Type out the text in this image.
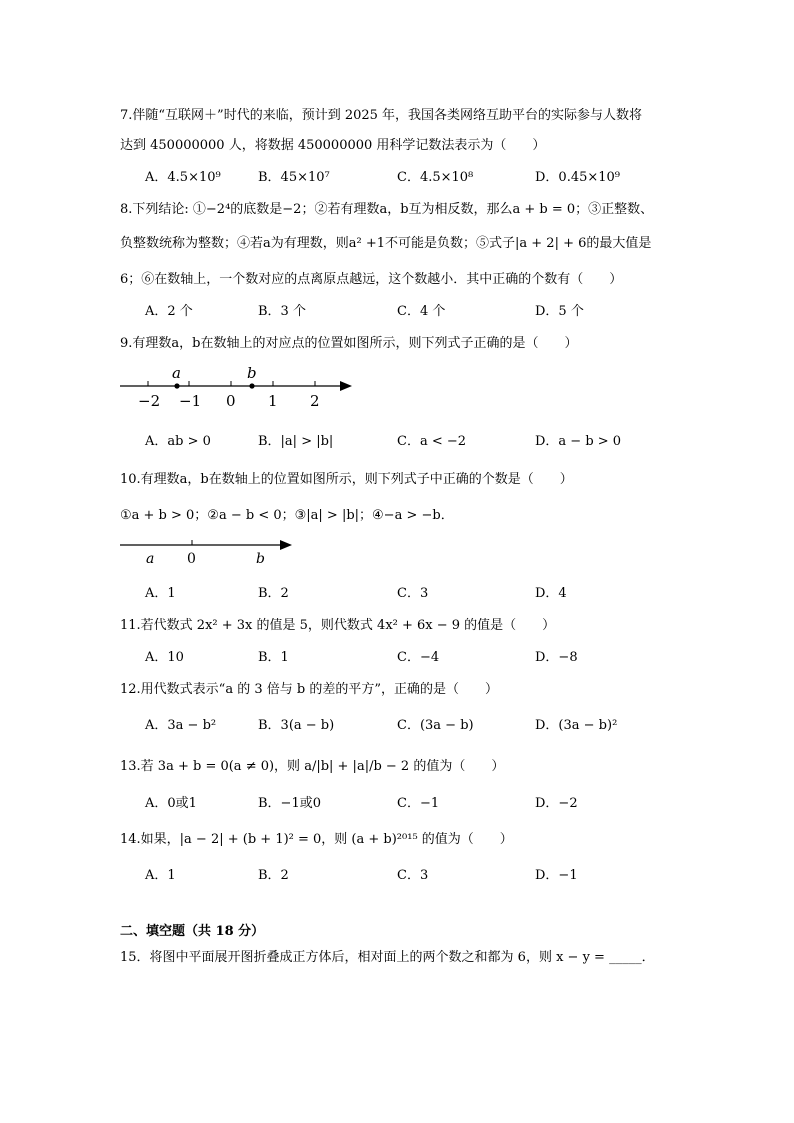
7.伴随“互联网＋”时代的来临，预计到 2025 年，我国各类网络互助平台的实际参与人数将
达到 450000000 人，将数据 450000000 用科学记数法表示为（　　）
A．4.5×10⁹	B．45×10⁷	C．4.5×10⁸	D．0.45×10⁹
8.下列结论: ①−2⁴的底数是−2；②若有理数a，b互为相反数，那么a + b = 0；③正整数、
负整数统称为整数；④若a为有理数，则a² +1不可能是负数；⑤式子|a + 2| + 6的最大值是
6；⑥在数轴上，一个数对应的点离原点越远，这个数越小．其中正确的个数有（　　）
A．2 个	B．3 个	C．4 个	D．5 个
9.有理数a，b在数轴上的对应点的位置如图所示，则下列式子正确的是（　　）
−2 −1 0 1 2
a	b
A．ab > 0	B．|a| > |b|	C．a < −2	D．a − b > 0
10.有理数a，b在数轴上的位置如图所示，则下列式子中正确的个数是（　　）
①a + b > 0；②a − b < 0；③|a| > |b|；④−a > −b．
a 0	b
A．1	B．2	C．3	D．4
11.若代数式 2x² + 3x 的值是 5，则代数式 4x² + 6x − 9 的值是（　　）
A．10	B．1	C．−4	D．−8
12.用代数式表示“a 的 3 倍与 b 的差的平方”，正确的是（　　）
A．3a − b²	B．3(a − b)	C．(3a − b)	D．(3a − b)²
13.若 3a + b = 0(a ≠ 0)，则 a/|b| + |a|/b − 2 的值为（　　）
A．0或1	B．−1或0	C．−1	D．−2
14.如果，|a − 2| + (b + 1)² = 0，则 (a + b)²⁰¹⁵ 的值为（　　）
A．1	B．2	C．3	D．−1
二、填空题（共 18 分）
15．将图中平面展开图折叠成正方体后，相对面上的两个数之和都为 6，则 x − y = _____．
